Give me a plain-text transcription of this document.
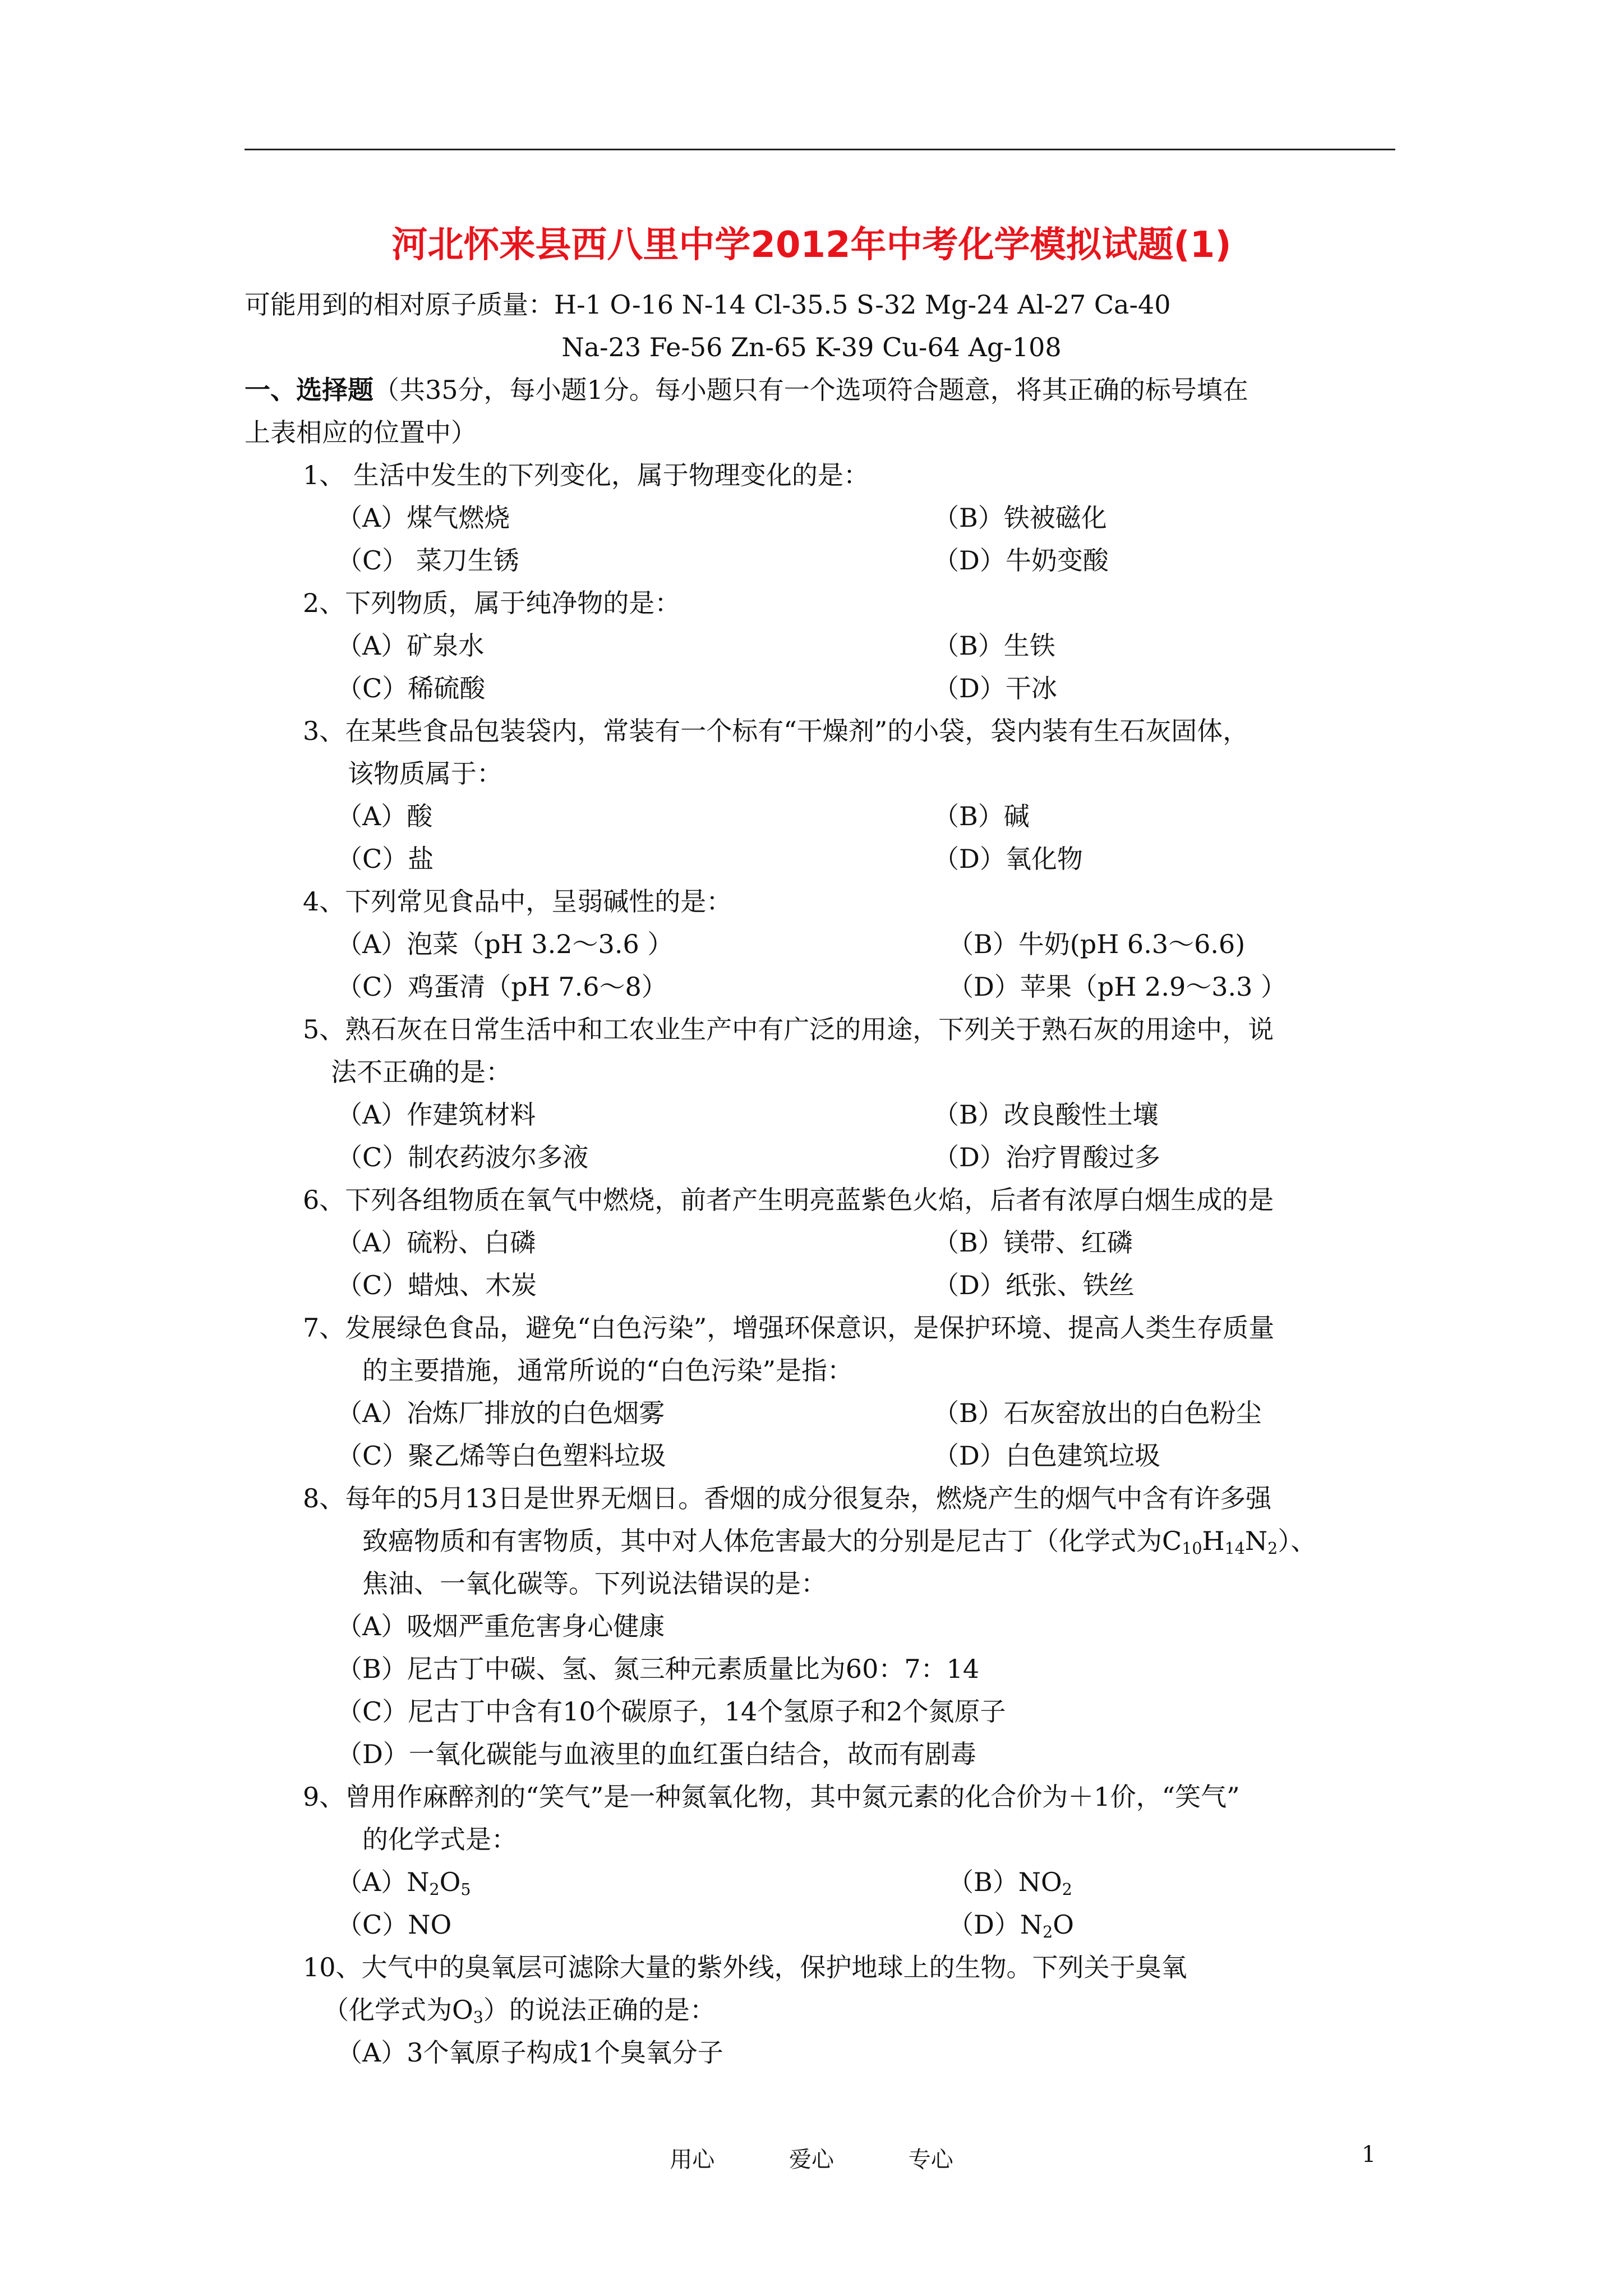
河北怀来县西八里中学2012年中考化学模拟试题(1)
可能用到的相对原子质量：H-1 O-16 N-14 Cl-35.5 S-32 Mg-24 Al-27 Ca-40
Na-23 Fe-56 Zn-65 K-39 Cu-64 Ag-108
一、选择题（共35分，每小题1分。每小题只有一个选项符合题意，将其正确的标号填在
上表相应的位置中）
1、 生活中发生的下列变化，属于物理变化的是：
（A）煤气燃烧	（B）铁被磁化
（C） 菜刀生锈	（D）牛奶变酸
2、下列物质，属于纯净物的是：
（A）矿泉水	（B）生铁
（C）稀硫酸	（D）干冰
3、在某些食品包装袋内，常装有一个标有“干燥剂”的小袋，袋内装有生石灰固体，
该物质属于：
（A）酸	（B）碱
（C）盐	（D）氧化物
4、下列常见食品中，呈弱碱性的是：
（A）泡菜（pH 3.2～3.6 ）	（B）牛奶(pH 6.3～6.6)
（C）鸡蛋清（pH 7.6～8）	（D）苹果（pH 2.9～3.3 ）
5、熟石灰在日常生活中和工农业生产中有广泛的用途，下列关于熟石灰的用途中，说
法不正确的是：
（A）作建筑材料	（B）改良酸性土壤
（C）制农药波尔多液	（D）治疗胃酸过多
6、下列各组物质在氧气中燃烧，前者产生明亮蓝紫色火焰，后者有浓厚白烟生成的是
（A）硫粉、白磷	（B）镁带、红磷
（C）蜡烛、木炭	（D）纸张、铁丝
7、发展绿色食品，避免“白色污染”，增强环保意识，是保护环境、提高人类生存质量
的主要措施，通常所说的“白色污染”是指：
（A）冶炼厂排放的白色烟雾	（B）石灰窑放出的白色粉尘
（C）聚乙烯等白色塑料垃圾	（D）白色建筑垃圾
8、每年的5月13日是世界无烟日。香烟的成分很复杂，燃烧产生的烟气中含有许多强
致癌物质和有害物质，其中对人体危害最大的分别是尼古丁（化学式为$C_{10}H_{14}N_2$）、
焦油、一氧化碳等。下列说法错误的是：
（A）吸烟严重危害身心健康
（B）尼古丁中碳、氢、氮三种元素质量比为60：7：14
（C）尼古丁中含有10个碳原子，14个氢原子和2个氮原子
（D）一氧化碳能与血液里的血红蛋白结合，故而有剧毒
9、曾用作麻醉剂的“笑气”是一种氮氧化物，其中氮元素的化合价为＋1价，“笑气”
的化学式是：
$(A)N_2O_5$	$(B)NO_2$
（C）NO	$(D)N_2O$
10、大气中的臭氧层可滤除大量的紫外线，保护地球上的生物。下列关于臭氧
（化学式为$O_3$）的说法正确的是：
（A）3个氧原子构成1个臭氧分子
用心	爱心	专心	1
